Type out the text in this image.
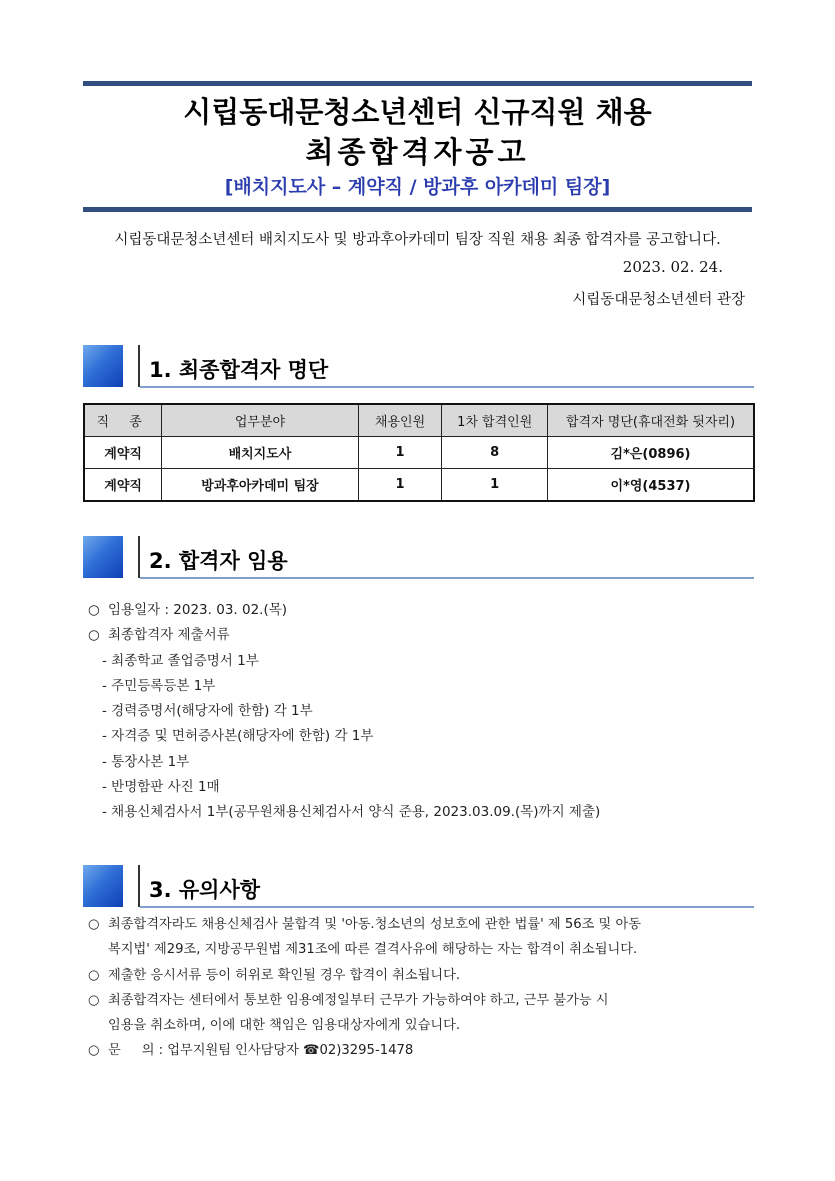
시립동대문청소년센터 신규직원 채용
최종합격자공고
[배치지도사 – 계약직 / 방과후 아카데미 팀장]
시립동대문청소년센터 배치지도사 및 방과후아카데미 팀장 직원 채용 최종 합격자를 공고합니다.
2023. 02. 24.
시립동대문청소년센터 관장
1. 최종합격자 명단
직 종	업무분야	채용인원	1차 합격인원	합격자 명단(휴대전화 뒷자리)
계약직	배치지도사	1	8	김*은(0896)
계약직	방과후아카데미 팀장	1	1	이*영(4537)
2. 합격자 임용
○ 임용일자 : 2023. 03. 02.(목)
○ 최종합격자 제출서류
- 최종학교 졸업증명서 1부
- 주민등록등본 1부
- 경력증명서(해당자에 한함) 각 1부
- 자격증 및 면허증사본(해당자에 한함) 각 1부
- 통장사본 1부
- 반명함판 사진 1매
- 채용신체검사서 1부(공무원채용신체검사서 양식 준용, 2023.03.09.(목)까지 제출)
3. 유의사항
○ 최종합격자라도 채용신체검사 불합격 및 '아동.청소년의 성보호에 관한 법률' 제 56조 및 아동
복지법' 제29조, 지방공무원법 제31조에 따른 결격사유에 해당하는 자는 합격이 취소됩니다.
○ 제출한 응시서류 등이 허위로 확인될 경우 합격이 취소됩니다.
○ 최종합격자는 센터에서 통보한 임용예정일부터 근무가 가능하여야 하고, 근무 불가능 시
임용을 취소하며, 이에 대한 책임은 임용대상자에게 있습니다.
○ 문     의 : 업무지원팀 인사담당자 ☎02)3295-1478
